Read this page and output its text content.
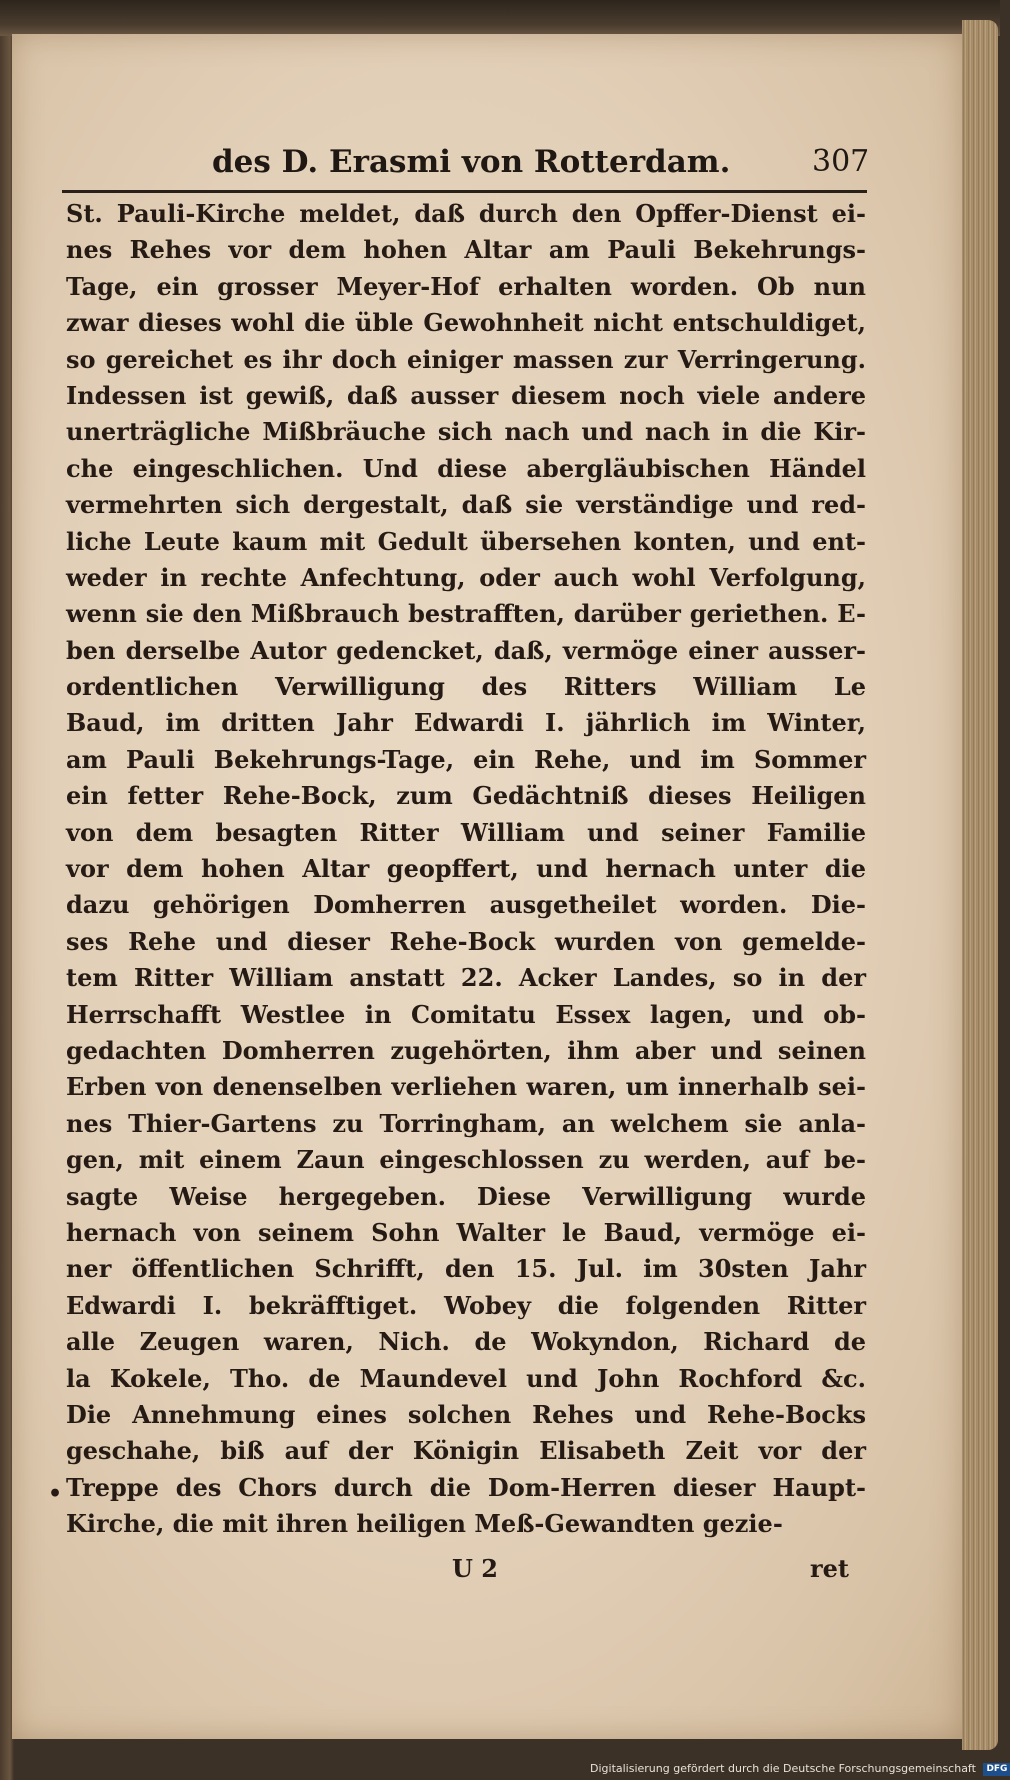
des D. Erasmi von Rotterdam.	307
St. Pauli-Kirche meldet, daß durch den Opffer-Dienst ei-
nes Rehes vor dem hohen Altar am Pauli Bekehrungs-
Tage, ein grosser Meyer-Hof erhalten worden. Ob nun
zwar dieses wohl die üble Gewohnheit nicht entschuldiget,
so gereichet es ihr doch einiger massen zur Verringerung.
Indessen ist gewiß, daß ausser diesem noch viele andere
unerträgliche Mißbräuche sich nach und nach in die Kir-
che eingeschlichen. Und diese abergläubischen Händel
vermehrten sich dergestalt, daß sie verständige und red-
liche Leute kaum mit Gedult übersehen konten, und ent-
weder in rechte Anfechtung, oder auch wohl Verfolgung,
wenn sie den Mißbrauch bestrafften, darüber geriethen. E-
ben derselbe Autor gedencket, daß, vermöge einer ausser-
ordentlichen Verwilligung des Ritters William Le
Baud, im dritten Jahr Edwardi I. jährlich im Winter,
am Pauli Bekehrungs-Tage, ein Rehe, und im Sommer
ein fetter Rehe-Bock, zum Gedächtniß dieses Heiligen
von dem besagten Ritter William und seiner Familie
vor dem hohen Altar geopffert, und hernach unter die
dazu gehörigen Domherren ausgetheilet worden. Die-
ses Rehe und dieser Rehe-Bock wurden von gemelde-
tem Ritter William anstatt 22. Acker Landes, so in der
Herrschafft Westlee in Comitatu Essex lagen, und ob-
gedachten Domherren zugehörten, ihm aber und seinen
Erben von denenselben verliehen waren, um innerhalb sei-
nes Thier-Gartens zu Torringham, an welchem sie anla-
gen, mit einem Zaun eingeschlossen zu werden, auf be-
sagte Weise hergegeben. Diese Verwilligung wurde
hernach von seinem Sohn Walter le Baud, vermöge ei-
ner öffentlichen Schrifft, den 15. Jul. im 30sten Jahr
Edwardi I. bekräfftiget. Wobey die folgenden Ritter
alle Zeugen waren, Nich. de Wokyndon, Richard de
la Kokele, Tho. de Maundevel und John Rochford &c.
Die Annehmung eines solchen Rehes und Rehe-Bocks
geschahe, biß auf der Königin Elisabeth Zeit vor der
Treppe des Chors durch die Dom-Herren dieser Haupt-
Kirche, die mit ihren heiligen Meß-Gewandten geziе-
•
U 2	ret
Digitalisierung gefördert durch die Deutsche Forschungsgemeinschaft DFG
